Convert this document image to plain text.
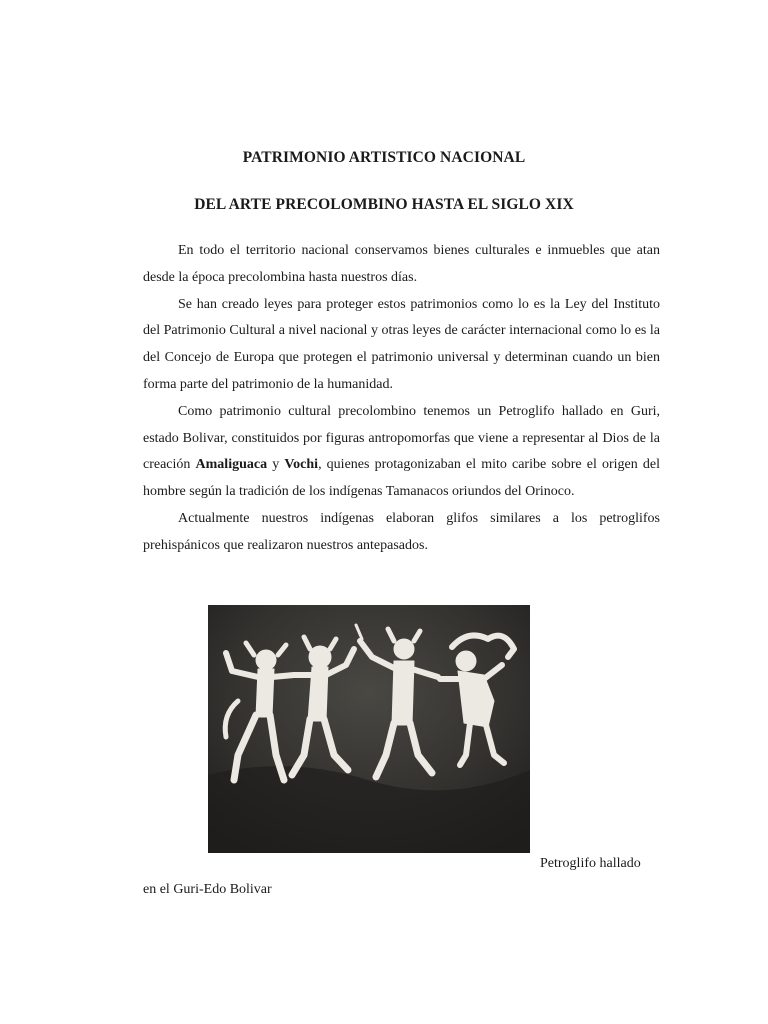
PATRIMONIO ARTISTICO NACIONAL
DEL ARTE PRECOLOMBINO HASTA EL SIGLO XIX

En todo el territorio nacional conservamos bienes culturales e inmuebles que atan desde la época precolombina hasta nuestros días.

Se han creado leyes para proteger estos patrimonios como lo es la Ley del Instituto del Patrimonio Cultural a nivel nacional y otras leyes de carácter internacional como lo es la del Concejo de Europa que protegen el patrimonio universal y determinan cuando un bien forma parte del patrimonio de la humanidad.

Como patrimonio cultural precolombino tenemos un Petroglifo hallado en Guri, estado Bolivar, constituidos por figuras antropomorfas que viene a representar al Dios de la creación Amaliguaca y Vochi, quienes protagonizaban el mito caribe sobre el origen del hombre según la tradición de los indígenas Tamanacos oriundos del Orinoco.

Actualmente nuestros indígenas elaboran glifos similares a los petroglifos prehispánicos que realizaron nuestros antepasados.

Petroglifo hallado
en el Guri-Edo Bolivar
